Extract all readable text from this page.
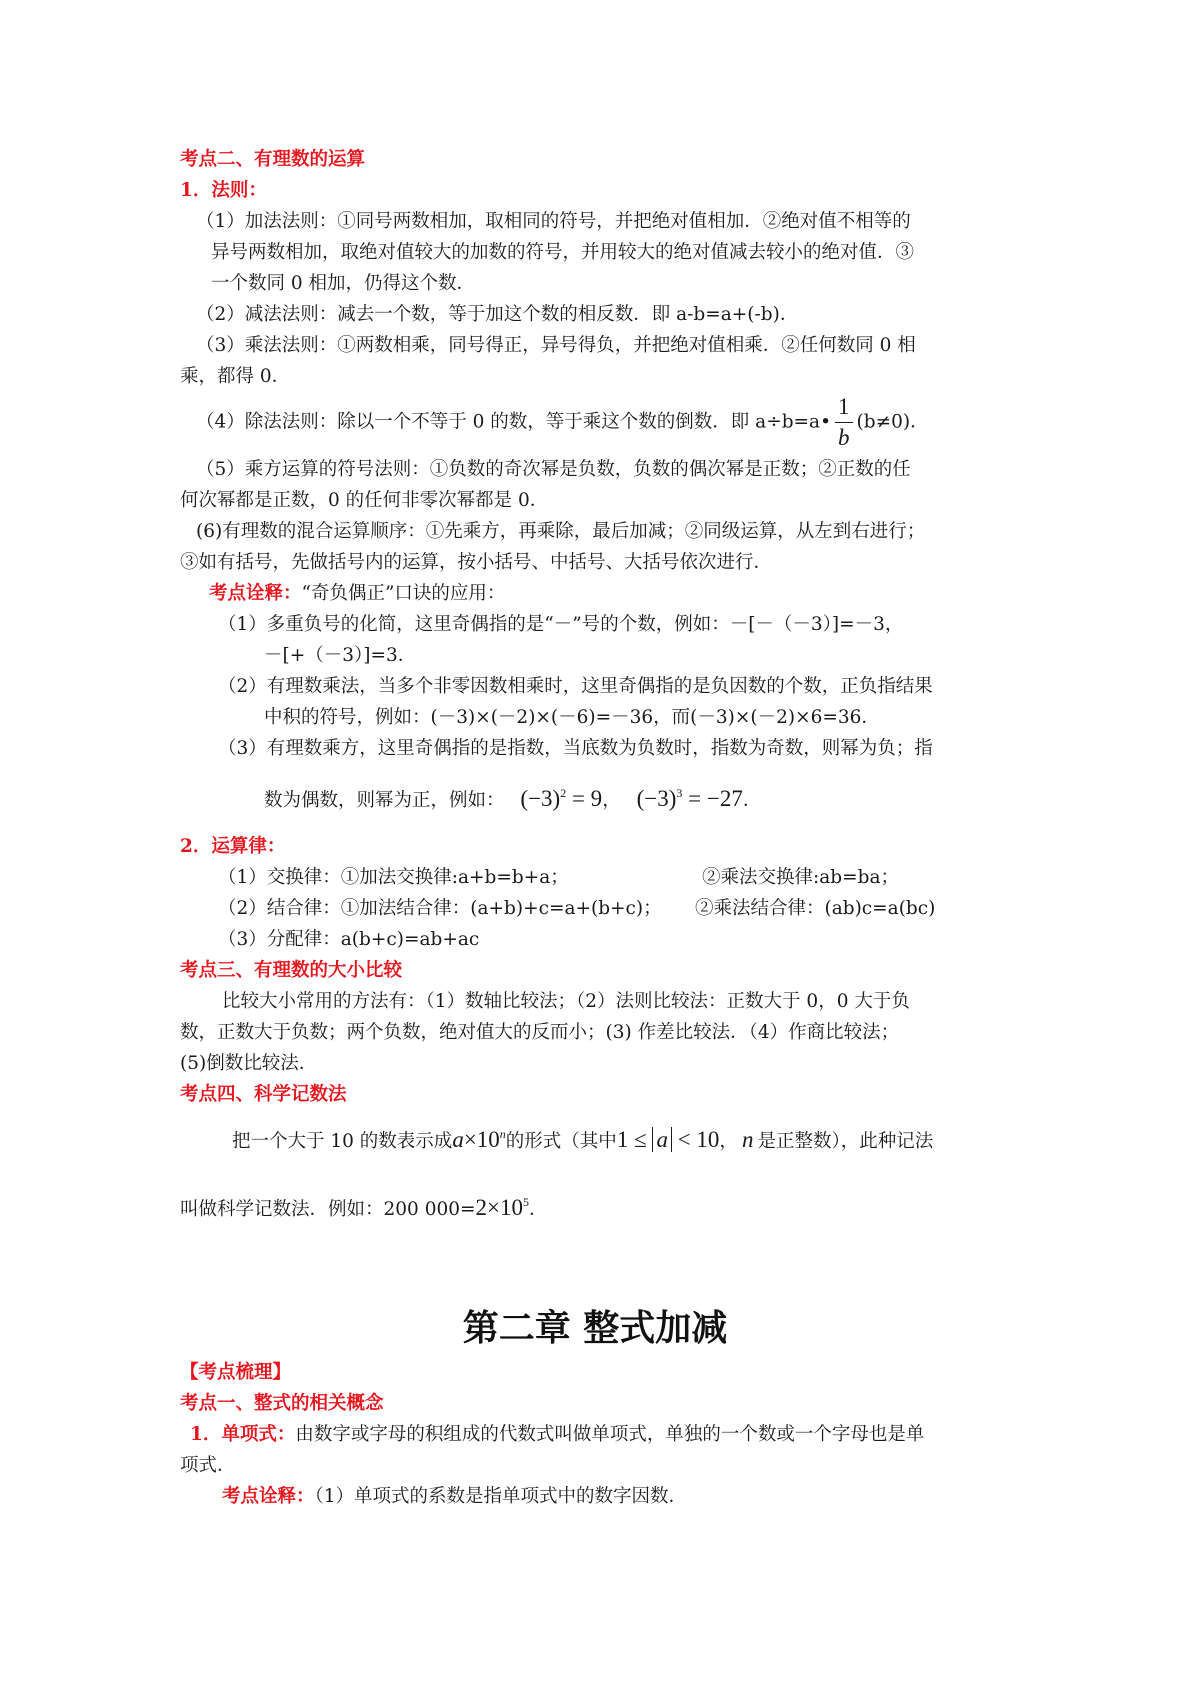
考点二、有理数的运算
1．法则：
（1）加法法则：①同号两数相加，取相同的符号，并把绝对值相加．②绝对值不相等的
异号两数相加，取绝对值较大的加数的符号，并用较大的绝对值减去较小的绝对值．③
一个数同 0 相加，仍得这个数．
（2）减法法则：减去一个数，等于加这个数的相反数．即 a-b=a+(-b)．
（3）乘法法则：①两数相乘，同号得正，异号得负，并把绝对值相乘．②任何数同 0 相
乘，都得 0．
（4）除法法则：除以一个不等于 0 的数，等于乘这个数的倒数．即 a÷b=a• $\frac{1}{b} (b\ne 0)$．
（5）乘方运算的符号法则：①负数的奇次幂是负数，负数的偶次幂是正数；②正数的任
何次幂都是正数，0 的任何非零次幂都是 0．
(6)有理数的混合运算顺序：①先乘方，再乘除，最后加减；②同级运算，从左到右进行；
③如有括号，先做括号内的运算，按小括号、中括号、大括号依次进行．
考点诠释：“奇负偶正”口诀的应用：
（1）多重负号的化简，这里奇偶指的是“－”号的个数，例如：－[－（－3）]=－3，
－[+（－3）]=3．
（2）有理数乘法，当多个非零因数相乘时，这里奇偶指的是负因数的个数，正负指结果
中积的符号，例如：(－3)×(－2)×(－6)=－36，而(－3)×(－2)×6=36．
（3）有理数乘方，这里奇偶指的是指数，当底数为负数时，指数为奇数，则幂为负；指
数为偶数，则幂为正，例如： $(-3)^2 = 9$， $(-3)^3 = -27$．
2．运算律：
（1）交换律：①加法交换律:a+b=b+a；	②乘法交换律:ab=ba；
（2）结合律：①加法结合律：(a+b)+c=a+(b+c)； ②乘法结合律：(ab)c=a(bc)
（3）分配律：a(b+c)=ab+ac
考点三、有理数的大小比较
比较大小常用的方法有：（1）数轴比较法；（2）法则比较法：正数大于 0，0 大于负
数，正数大于负数；两个负数，绝对值大的反而小；(3) 作差比较法．（4）作商比较法；
(5)倒数比较法．
考点四、科学记数法
把一个大于 10 的数表示成$a\times 10^n$的形式（其中1 ≤ a < 10， n 是正整数），此种记法
叫做科学记数法．例如：200 $000=2\times 10^5$．
第二章 整式加减
【考点梳理】
考点一、整式的相关概念
1．单项式：由数字或字母的积组成的代数式叫做单项式，单独的一个数或一个字母也是单
项式．
考点诠释：（1）单项式的系数是指单项式中的数字因数．
